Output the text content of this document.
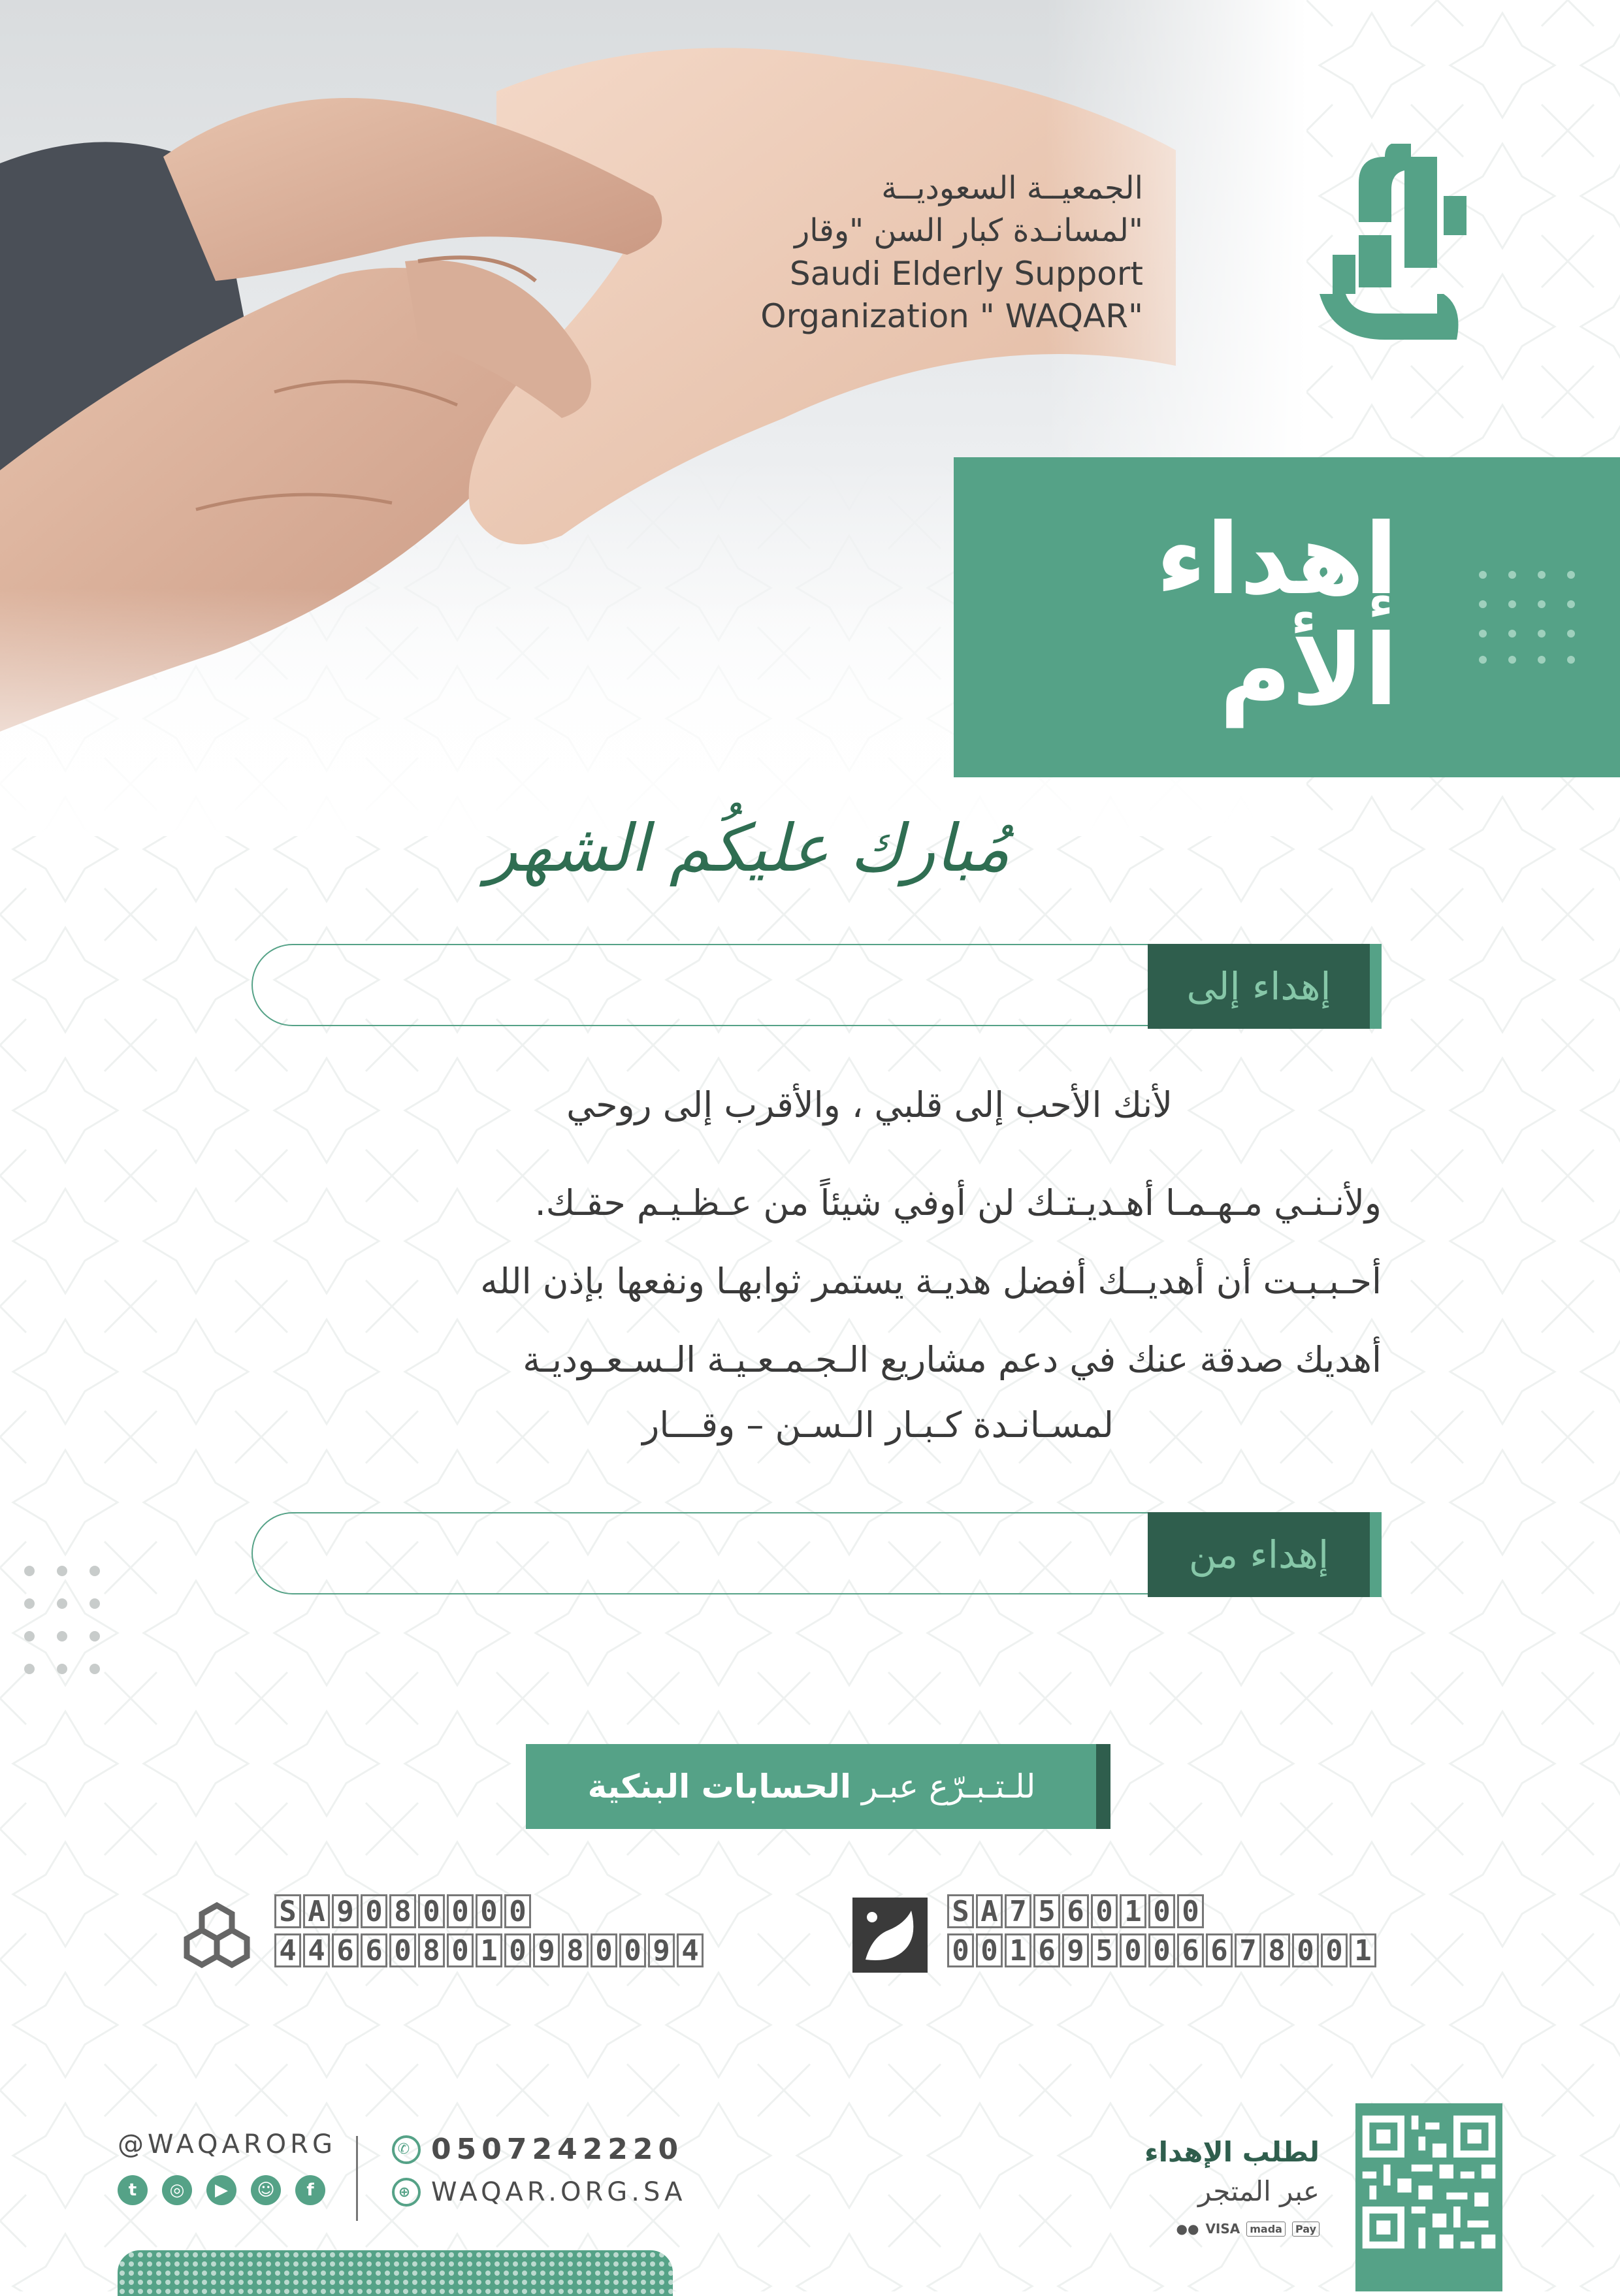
الجمعيــة السعوديــة
لمسانـدة كبار السن "وقار"
Saudi Elderly Support
Organization " WAQAR"
إهداء
الأم
مُبارك عليكُم الشهر
إهداء إلى
لأنك الأحب إلى قلبي ، والأقرب إلى روحي
ولأنـنـي مـهـمـا أهـديـتـك لن أوفي شيئاً من عـظـيـم حقـك.
أحـبـبـت أن أهديــك أفضل هديـة يستمر ثوابهـا ونفعها بإذن الله
أهديك صدقة عنك في دعم مشاريع الـجـمـعـيـة الـسـعـوديـة
لمسـانـدة كـبـار الـسـن – وقـــار
إهداء من
للـتـبـرّع عبـر

الحسابات البنكية
S A 7 5 6 0 1 0 0
0 0 1 6 9 5 0 0 6 6 7 8 0 0 1
S A 9 0 8 0 0 0 0
4 4 6 6 0 8 0 1 0 9 8 0 0 9 4
@WAQARORG
t	◎	▶	☺	f
✆ 0507242220
⊕ WAQAR.ORG.SA
لطلب الإهداء
عبر المتجر
●● VISA mada	Pay
